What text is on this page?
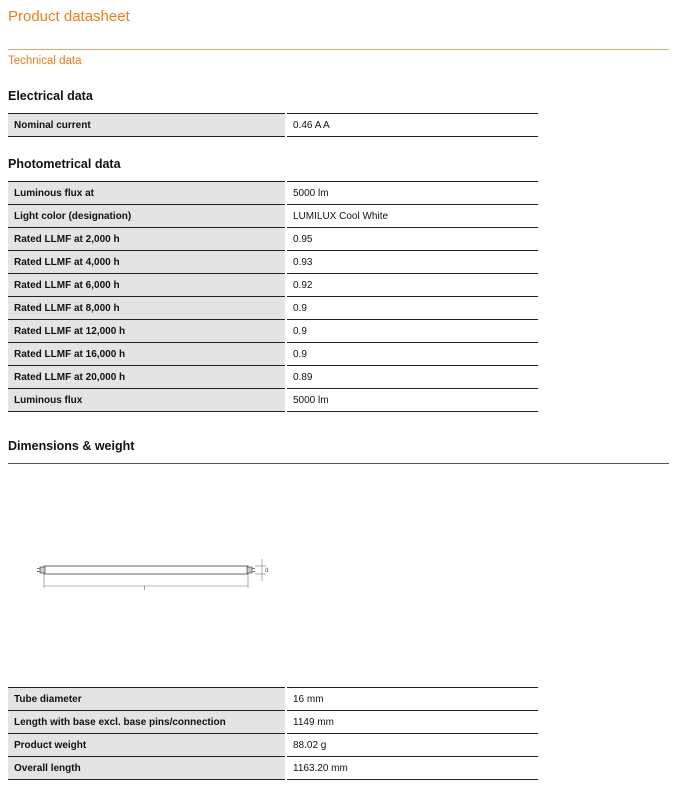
Product datasheet
Technical data
Electrical data
Nominal current	0.46 A A
Photometrical data
Luminous flux at	5000 lm
Light color (designation)	LUMILUX Cool White
Rated LLMF at 2,000 h	0.95
Rated LLMF at 4,000 h	0.93
Rated LLMF at 6,000 h	0.92
Rated LLMF at 8,000 h	0.9
Rated LLMF at 12,000 h	0.9
Rated LLMF at 16,000 h	0.9
Rated LLMF at 20,000 h	0.89
Luminous flux	5000 lm
Dimensions & weight
l
d
Tube diameter	16 mm
Length with base excl. base pins/connection	1149 mm
Product weight	88.02 g
Overall length	1163.20 mm
